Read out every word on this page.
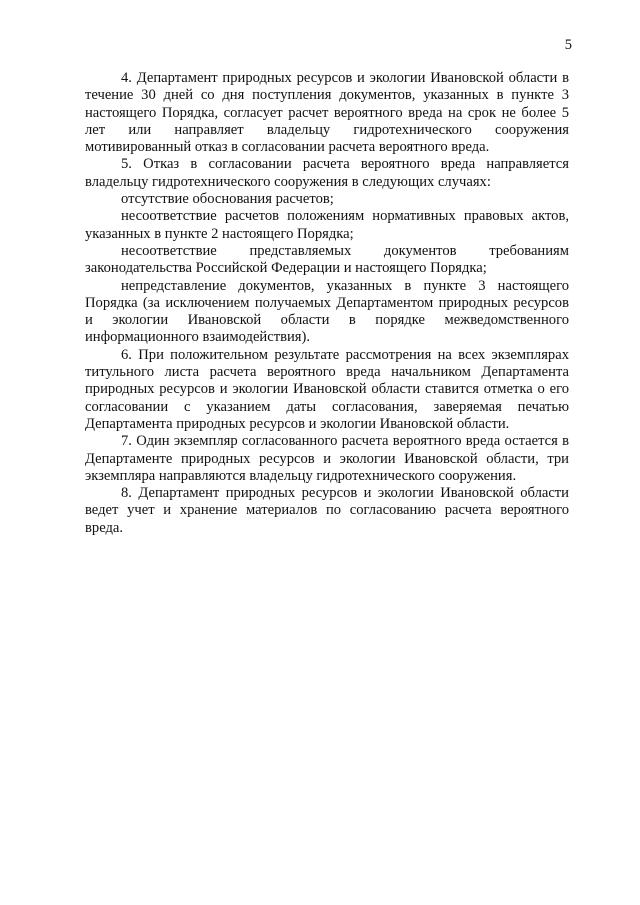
5

4. Департамент природных ресурсов и экологии Ивановской области в течение 30 дней со дня поступления документов, указанных в пункте 3 настоящего Порядка, согласует расчет вероятного вреда на срок не более 5 лет или направляет владельцу гидротехнического сооружения мотивированный отказ в согласовании расчета вероятного вреда.

5. Отказ в согласовании расчета вероятного вреда направляется владельцу гидротехнического сооружения в следующих случаях:

отсутствие обоснования расчетов;

несоответствие расчетов положениям нормативных правовых актов, указанных в пункте 2 настоящего Порядка;

несоответствие представляемых документов требованиям законодательства Российской Федерации и настоящего Порядка;

непредставление документов, указанных в пункте 3 настоящего Порядка (за исключением получаемых Департаментом природных ресурсов и экологии Ивановской области в порядке межведомственного информационного взаимодействия).

6. При положительном результате рассмотрения на всех экземплярах титульного листа расчета вероятного вреда начальником Департамента природных ресурсов и экологии Ивановской области ставится отметка о его согласовании с указанием даты согласования, заверяемая печатью Департамента природных ресурсов и экологии Ивановской области.

7. Один экземпляр согласованного расчета вероятного вреда остается в Департаменте природных ресурсов и экологии Ивановской области, три экземпляра направляются владельцу гидротехнического сооружения.

8. Департамент природных ресурсов и экологии Ивановской области ведет учет и хранение материалов по согласованию расчета вероятного вреда.
